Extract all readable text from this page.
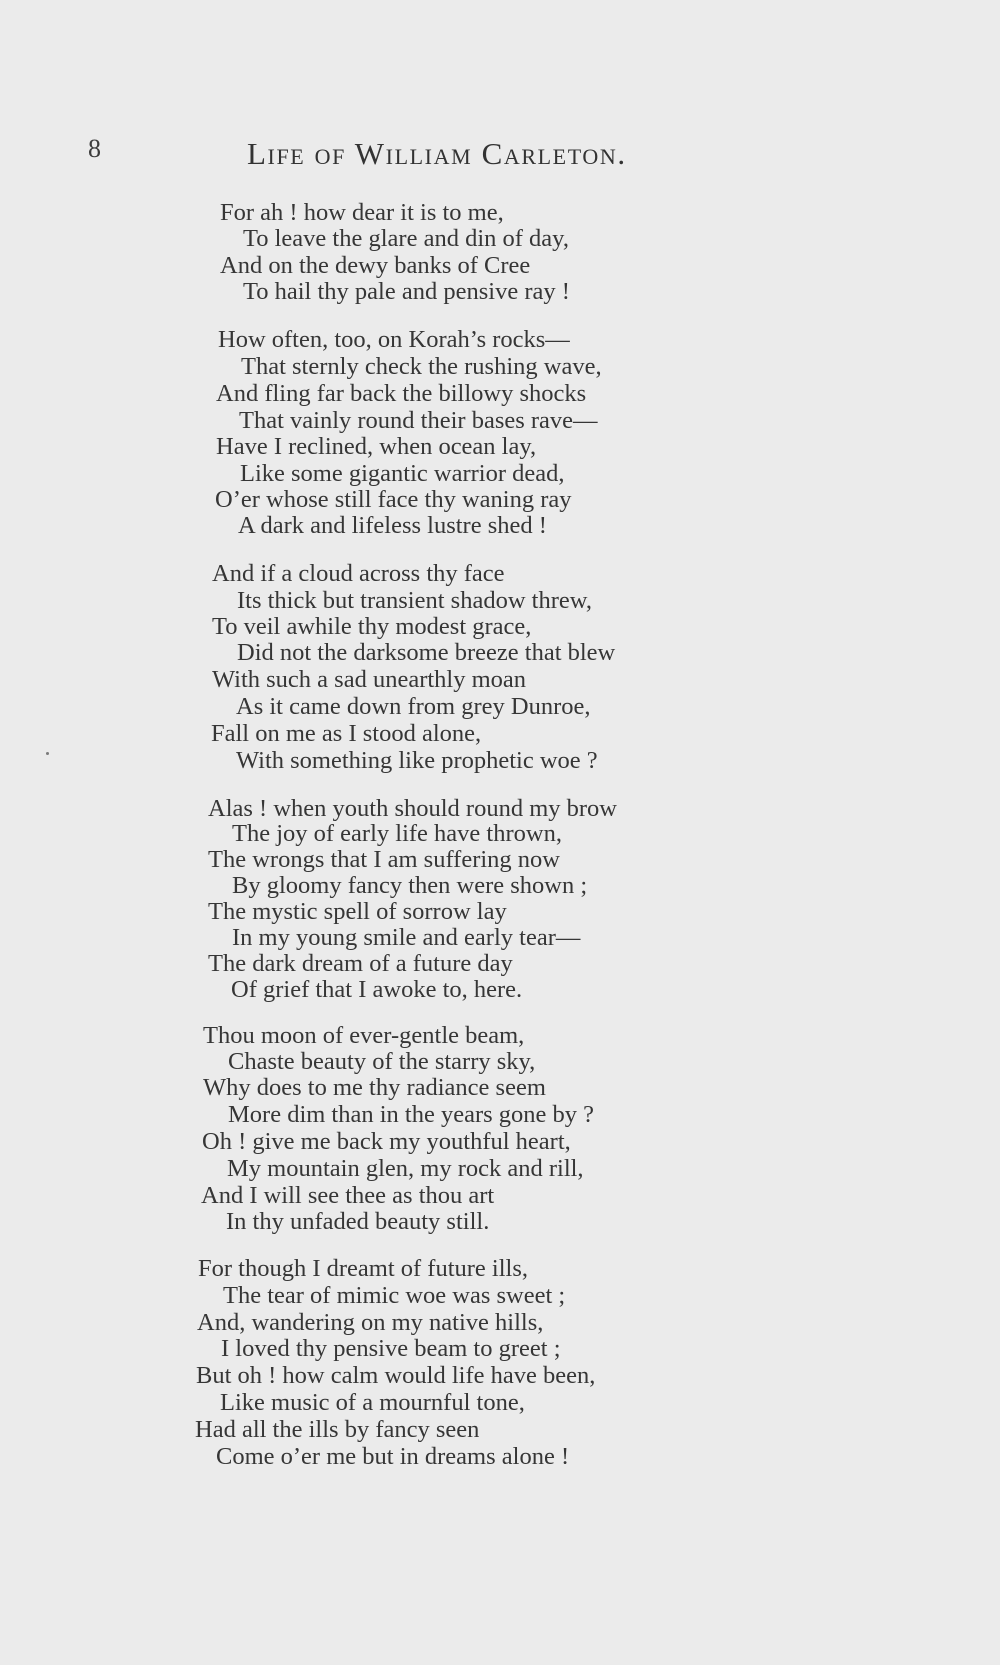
8	Life of William Carleton.
For ah ! how dear it is to me,
To leave the glare and din of day,
And on the dewy banks of Cree
To hail thy pale and pensive ray !
How often, too, on Korah’s rocks—
That sternly check the rushing wave,
And fling far back the billowy shocks
That vainly round their bases rave—
Have I reclined, when ocean lay,
Like some gigantic warrior dead,
O’er whose still face thy waning ray
A dark and lifeless lustre shed !
And if a cloud across thy face
Its thick but transient shadow threw,
To veil awhile thy modest grace,
Did not the darksome breeze that blew
With such a sad unearthly moan
As it came down from grey Dunroe,
Fall on me as I stood alone,
With something like prophetic woe ?
Alas ! when youth should round my brow
The joy of early life have thrown,
The wrongs that I am suffering now
By gloomy fancy then were shown ;
The mystic spell of sorrow lay
In my young smile and early tear—
The dark dream of a future day
Of grief that I awoke to, here.
Thou moon of ever-gentle beam,
Chaste beauty of the starry sky,
Why does to me thy radiance seem
More dim than in the years gone by ?
Oh ! give me back my youthful heart,
My mountain glen, my rock and rill,
And I will see thee as thou art
In thy unfaded beauty still.
For though I dreamt of future ills,
The tear of mimic woe was sweet ;
And, wandering on my native hills,
I loved thy pensive beam to greet ;
But oh ! how calm would life have been,
Like music of a mournful tone,
Had all the ills by fancy seen
Come o’er me but in dreams alone !
